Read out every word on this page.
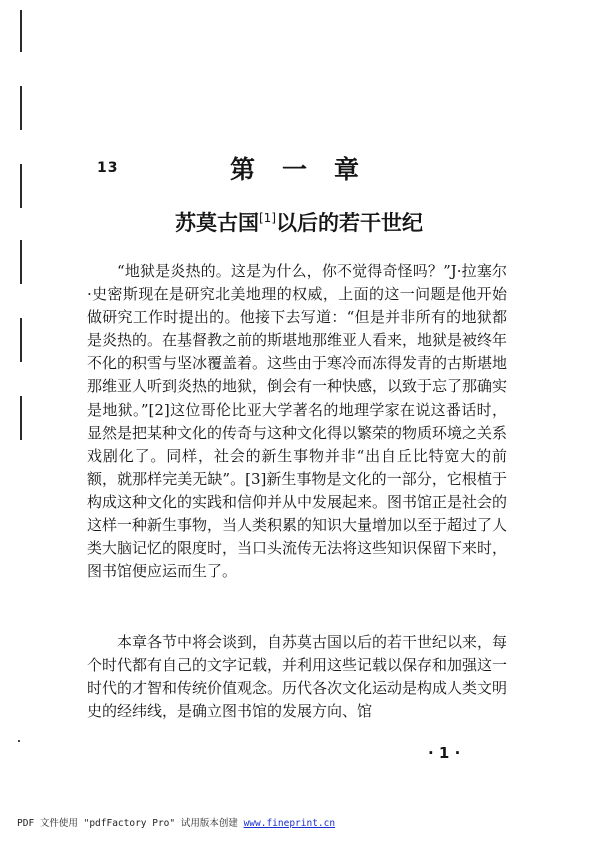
13	第一章
苏莫古国[1]以后的若干世纪

“地狱是炎热的。这是为什么，你不觉得奇怪吗？”J·拉塞尔·史密斯现在是研究北美地理的权威，上面的这一问题是他开始做研究工作时提出的。他接下去写道：“但是并非所有的地狱都是炎热的。在基督教之前的斯堪地那维亚人看来，地狱是被终年不化的积雪与坚冰覆盖着。这些由于寒冷而冻得发青的古斯堪地那维亚人听到炎热的地狱，倒会有一种快感，以致于忘了那确实是地狱。”[2]这位哥伦比亚大学著名的地理学家在说这番话时，显然是把某种文化的传奇与这种文化得以繁荣的物质环境之关系戏剧化了。同样，社会的新生事物并非“出自丘比特宽大的前额，就那样完美无缺”。[3]新生事物是文化的一部分，它根植于构成这种文化的实践和信仰并从中发展起来。图书馆正是社会的这样一种新生事物，当人类积累的知识大量增加以至于超过了人类大脑记忆的限度时，当口头流传无法将这些知识保留下来时，图书馆便应运而生了。

本章各节中将会谈到，自苏莫古国以后的若干世纪以来，每个时代都有自己的文字记载，并利用这些记载以保存和加强这一时代的才智和传统价值观念。历代各次文化运动是构成人类文明史的经纬线，是确立图书馆的发展方向、馆

· 1 ·
PDF 文件使用 "pdfFactory Pro" 试用版本创建 www.fineprint.cn
